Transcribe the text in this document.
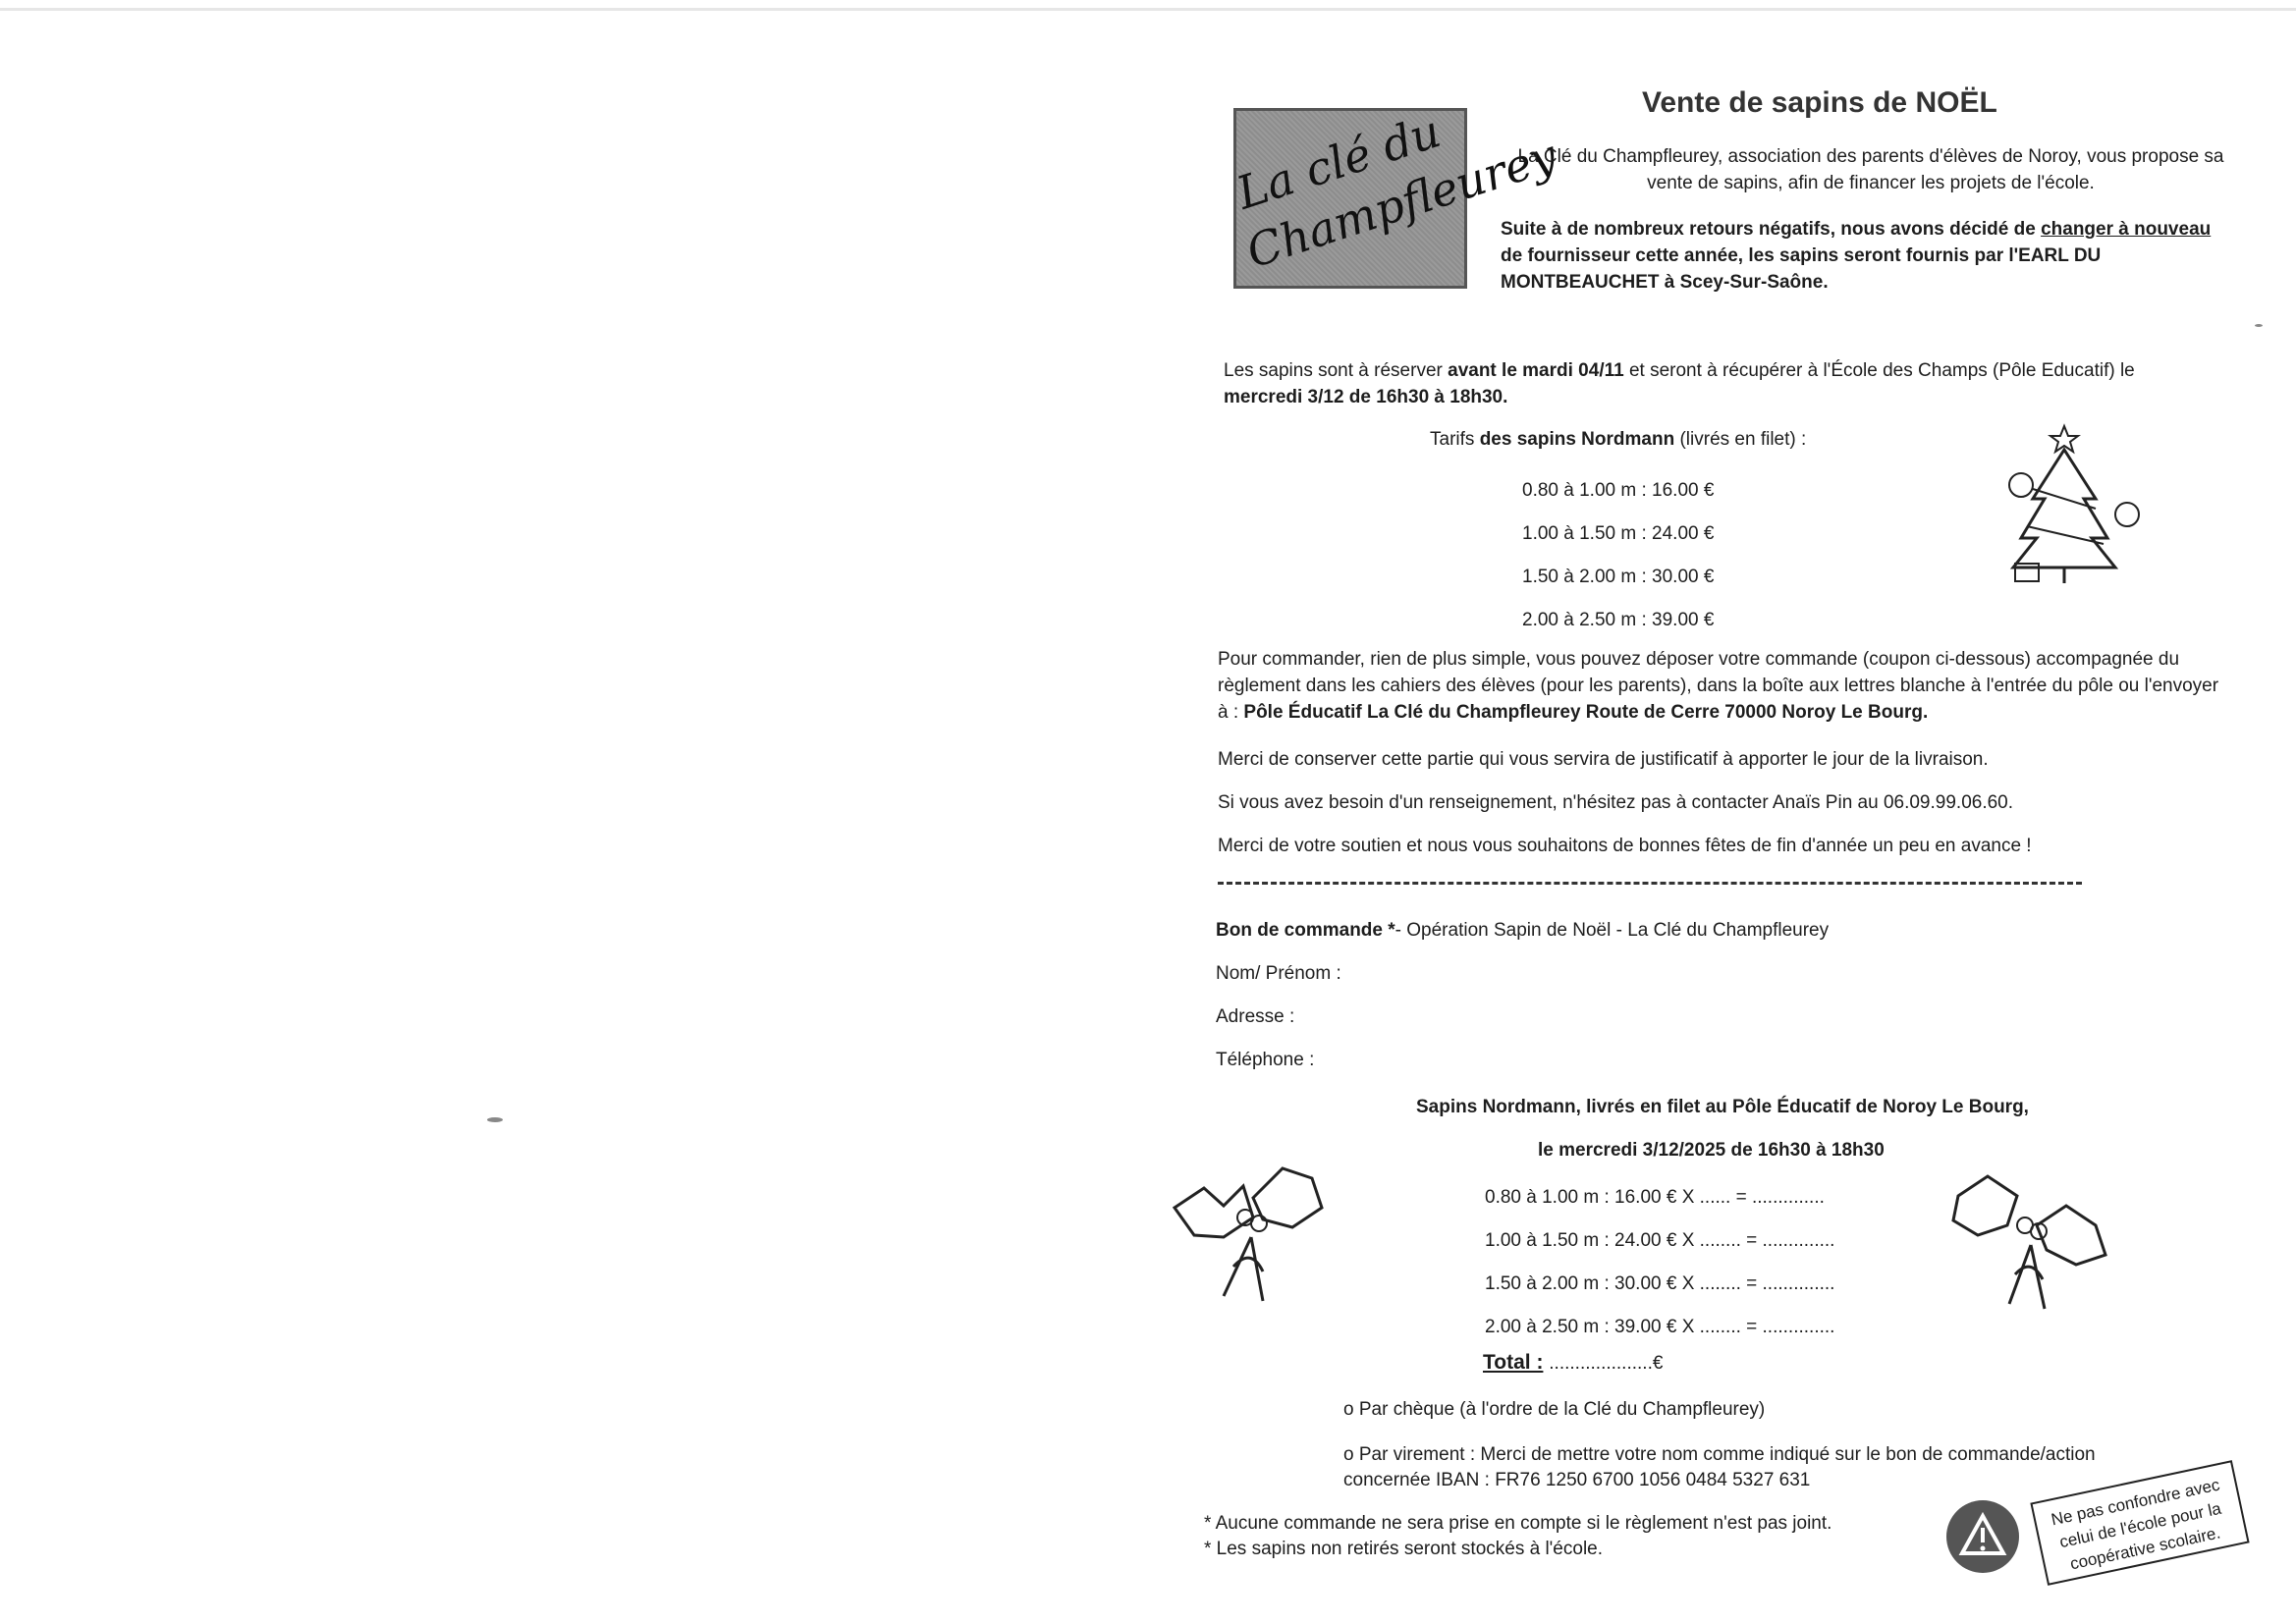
La clé du Champfleurey
Vente de sapins de NOËL
La Clé du Champfleurey, association des parents d'élèves de Noroy, vous propose sa vente de sapins, afin de financer les projets de l'école.
Suite à de nombreux retours négatifs, nous avons décidé de changer à nouveau de fournisseur cette année, les sapins seront fournis par l'EARL DU MONTBEAUCHET à Scey-Sur-Saône.
Les sapins sont à réserver avant le mardi 04/11 et seront à récupérer à l'École des Champs (Pôle Educatif) le mercredi 3/12 de 16h30 à 18h30.
Tarifs des sapins Nordmann (livrés en filet) :
0.80 à 1.00 m : 16.00 €
1.00 à 1.50 m : 24.00 €
1.50 à 2.00 m : 30.00 €
2.00 à 2.50 m : 39.00 €
Pour commander, rien de plus simple, vous pouvez déposer votre commande (coupon ci-dessous) accompagnée du règlement dans les cahiers des élèves (pour les parents), dans la boîte aux lettres blanche à l'entrée du pôle ou l'envoyer à : Pôle Éducatif La Clé du Champfleurey Route de Cerre 70000 Noroy Le Bourg.
Merci de conserver cette partie qui vous servira de justificatif à apporter le jour de la livraison.
Si vous avez besoin d'un renseignement, n'hésitez pas à contacter Anaïs Pin au 06.09.99.06.60.
Merci de votre soutien et nous vous souhaitons de bonnes fêtes de fin d'année un peu en avance !
Bon de commande *- Opération Sapin de Noël - La Clé du Champfleurey
Nom/ Prénom :
Adresse :
Téléphone :
Sapins Nordmann, livrés en filet au Pôle Éducatif de Noroy Le Bourg,
le mercredi 3/12/2025 de 16h30 à 18h30
0.80 à 1.00 m : 16.00 € X ...... = ..............
1.00 à 1.50 m : 24.00 € X ........ = ..............
1.50 à 2.00 m : 30.00 € X ........ = ..............
2.00 à 2.50 m : 39.00 € X ........ = ..............
Total : ....................€
o Par chèque (à l'ordre de la Clé du Champfleurey)
o Par virement : Merci de mettre votre nom comme indiqué sur le bon de commande/action
concernée IBAN : FR76 1250 6700 1056 0484 5327 631
* Aucune commande ne sera prise en compte si le règlement n'est pas joint.
* Les sapins non retirés seront stockés à l'école.
Ne pas confondre avec celui de l'école pour la coopérative scolaire.
